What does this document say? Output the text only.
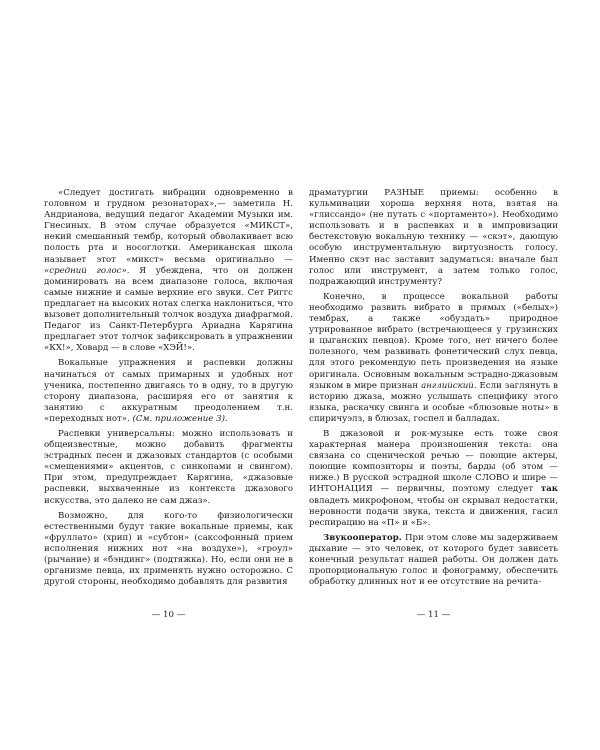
«Следует достигать вибрации одновременно в головном и грудном резонаторах»,— заметила Н. Андрианова, ведущий педагог Академии Музыки им. Гнесиных. В этом случае образуется «МИКСТ», некий смешанный тембр, который обволакивает всю полость рта и носоглотки. Американская школа называет этот «микст» весьма оригинально — «средний голос». Я убеждена, что он должен доминировать на всем диапазоне голоса, включая самые нижние и самые верхние его звуки. Сет Риггс предлагает на высоких нотах слегка наклониться, что вызовет дополнительный толчок воздуха диафрагмой. Педагог из Санкт-Петербурга Ариадна Карягина предлагает этот толчок зафиксировать в упражнении «КХ!», Ховард — в слове «ХЭЙ!».

Вокальные упражнения и распевки должны начинаться от самых примарных и удобных нот ученика, постепенно двигаясь то в одну, то в другую сторону диапазона, расширяя его от занятия к занятию с аккуратным преодолением т.н. «переходных нот». (См. приложение 3).

Распевки универсальны: можно использовать и общеизвестные, можно добавить фрагменты эстрадных песен и джазовых стандартов (с особыми «смещениями» акцентов, с синкопами и свингом). При этом, предупреждает Карягина, «джазовые распевки, выхваченные из контекста джазового искусства, это далеко не сам джаз».

Возможно, для кого-то физиологически естественными будут такие вокальные приемы, как «фруллато» (хрип) и «субтон» (саксофонный прием исполнения нижних нот «на воздухе»), «гроул» (рычание) и «бэндинг» (подтяжка). Но, если они не в организме певца, их применять нужно осторожно. С другой стороны, необходимо добавлять для развития

— 10 —

драматургии РАЗНЫЕ приемы: особенно в кульминации хороша верхняя нота, взятая на «глиссандо» (не путать с «портаменто»). Необходимо использовать и в распевках и в импровизации бестекстовую вокальную технику — «скэт», дающую особую инструментальную виртуозность голосу. Именно скэт нас заставит задуматься: вначале был голос или инструмент, а затем только голос, подражающий инструменту?

Конечно, в процессе вокальной работы необходимо развить вибрато в прямых («белых») тембрах, а также «обуздать» природное утрированное вибрато (встречающееся у грузинских и цыганских певцов). Кроме того, нет ничего более полезного, чем развивать фонетический слух певца, для этого рекомендую петь произведения на языке оригинала. Основным вокальным эстрадно-джазовым языком в мире признан английский. Если заглянуть в историю джаза, можно услышать специфику этого языка, раскачку свинга и особые «блюзовые ноты» в спиричуэлз, в блюзах, госпел и балладах.

В джазовой и рок-музыке есть тоже своя характерная манера произношения текста: она связана со сценической речью — поющие актеры, поющие композиторы и поэты, барды (об этом — ниже.) В русской эстрадной школе СЛОВО и шире — ИНТОНАЦИЯ — первичны, поэтому следует так овладеть микрофоном, чтобы он скрывал недостатки, неровности подачи звука, текста и движения, гасил респирацию на «П» и «Б».

Звукооператор. При этом слове мы задерживаем дыхание — это человек, от которого будет зависеть конечный результат нашей работы. Он должен дать пропорциональную голос и фонограмму, обеспечить обработку длинных нот и ее отсутствие на речита-

— 11 —
